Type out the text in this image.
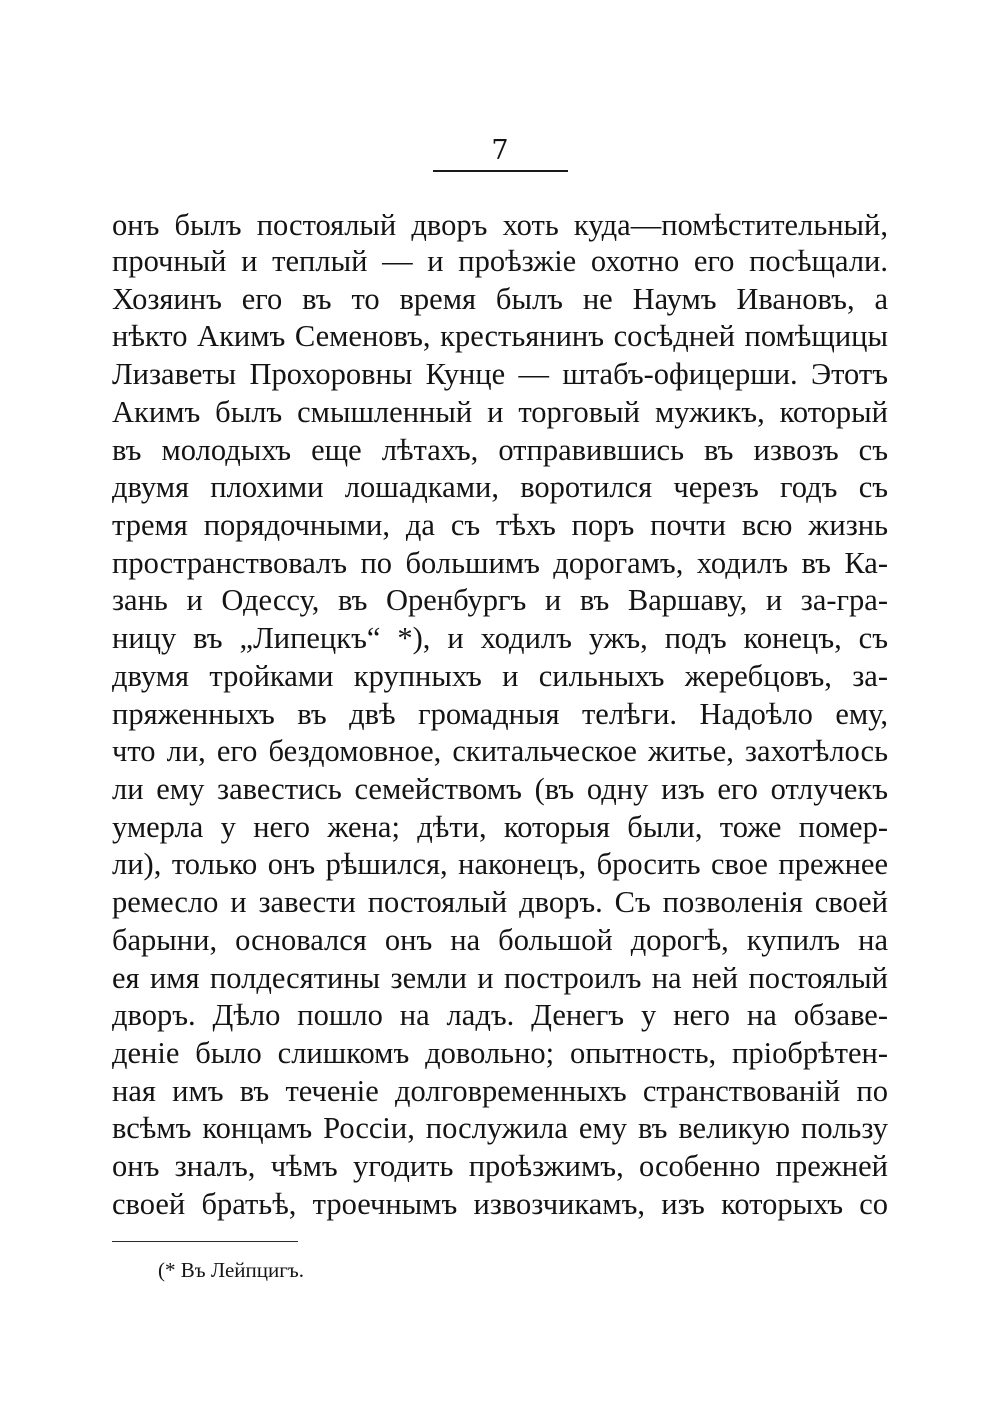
7
онъ былъ постоялый дворъ хоть куда—помѣстительный,
прочный и теплый — и проѣзжіе охотно его посѣщали.
Хозяинъ его въ то время былъ не Наумъ Ивановъ, а
нѣкто Акимъ Семеновъ, крестьянинъ сосѣдней помѣщицы
Лизаветы Прохоровны Кунце — штабъ-офицерши. Этотъ
Акимъ былъ смышленный и торговый мужикъ, который
въ молодыхъ еще лѣтахъ, отправившись въ извозъ съ
двумя плохими лошадками, воротился черезъ годъ съ
тремя порядочными, да съ тѣхъ поръ почти всю жизнь
пространствовалъ по большимъ дорогамъ, ходилъ въ Ка-
зань и Одессу, въ Оренбургъ и въ Варшаву, и за-гра-
ницу въ „Липецкъ“ *), и ходилъ ужъ, подъ конецъ, съ
двумя тройками крупныхъ и сильныхъ жеребцовъ, за-
пряженныхъ въ двѣ громадныя телѣги. Надоѣло ему,
что ли, его бездомовное, скитальческое житье, захотѣлось
ли ему завестись семействомъ (въ одну изъ его отлучекъ
умерла у него жена; дѣти, которыя были, тоже помер-
ли), только онъ рѣшился, наконецъ, бросить свое прежнее
ремесло и завести постоялый дворъ. Съ позволенія своей
барыни, основался онъ на большой дорогѣ, купилъ на
ея имя полдесятины земли и построилъ на ней постоялый
дворъ. Дѣло пошло на ладъ. Денегъ у него на обзаве-
деніе было слишкомъ довольно; опытность, пріобрѣтен-
ная имъ въ теченіе долговременныхъ странствованій по
всѣмъ концамъ Россіи, послужила ему въ великую пользу
онъ зналъ, чѣмъ угодить проѣзжимъ, особенно прежней
своей братьѣ, троечнымъ извозчикамъ, изъ которыхъ со
(* Въ Лейпцигъ.
